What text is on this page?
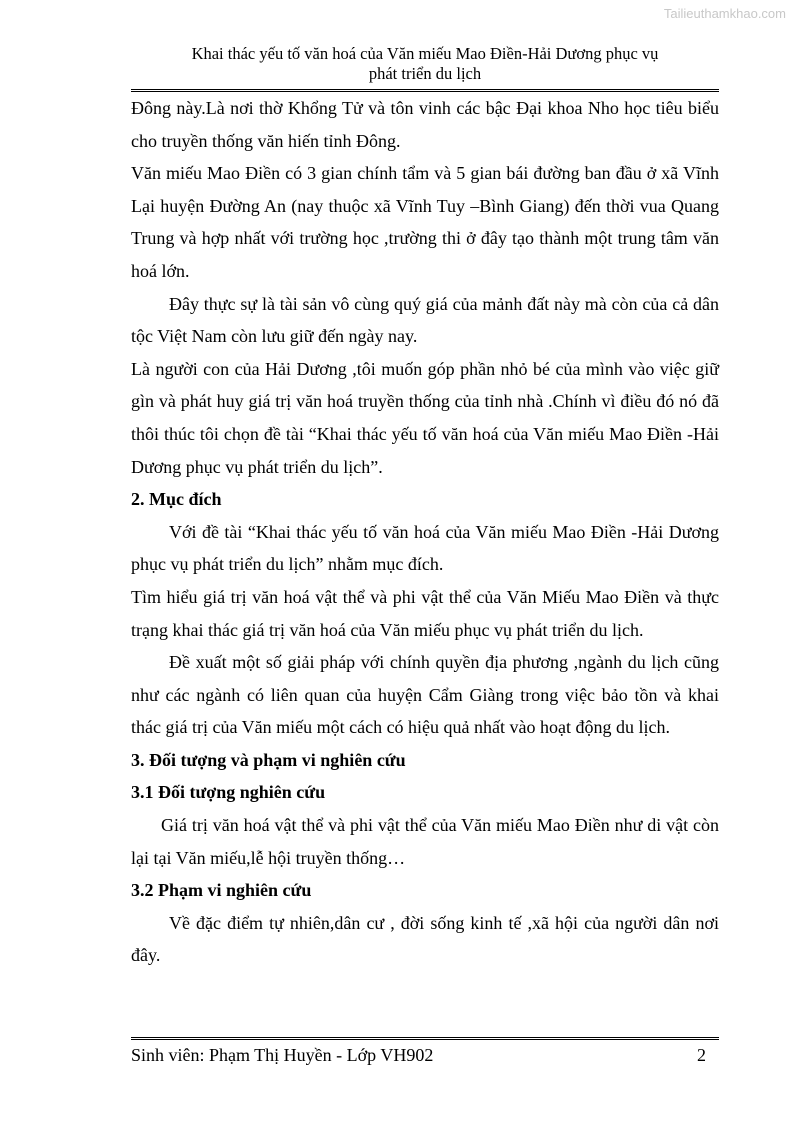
Tailieuthamkhao.com
Khai thác yếu tố văn hoá của Văn miếu Mao Điền-Hải Dương phục vụ
phát triển du lịch

Đông này.Là nơi thờ Khổng Tử và tôn vinh các bậc Đại khoa Nho học tiêu biểu cho truyền thống văn hiến tỉnh Đông.

Văn miếu Mao Điền có 3 gian chính tẩm và 5 gian bái đường ban đầu ở xã Vĩnh Lại huyện Đường An (nay thuộc xã Vĩnh Tuy –Bình Giang) đến thời vua Quang Trung và hợp nhất với trường học ,trường thi ở đây tạo thành một trung tâm văn hoá lớn.

Đây thực sự là tài sản vô cùng quý giá của mảnh đất này mà còn của cả dân tộc Việt Nam còn lưu giữ đến ngày nay.

Là người con của Hải Dương ,tôi muốn góp phần nhỏ bé của mình vào việc giữ gìn và phát huy giá trị văn hoá truyền thống của tỉnh nhà .Chính vì điều đó nó đã thôi thúc tôi chọn đề tài “Khai thác yếu tố văn hoá của Văn miếu Mao Điền -Hải Dương phục vụ phát triển du lịch”.

2. Mục đích

Với đề tài “Khai thác yếu tố văn hoá của Văn miếu Mao Điền -Hải Dương phục vụ phát triển du lịch” nhằm mục đích.

Tìm hiểu giá trị văn hoá vật thể và phi vật thể của Văn Miếu Mao Điền và thực trạng khai thác giá trị văn hoá của Văn miếu phục vụ phát triển du lịch.

Đề xuất một số giải pháp với chính quyền địa phương ,ngành du lịch cũng như các ngành có liên quan của huyện Cẩm Giàng trong việc bảo tồn và khai thác giá trị của Văn miếu một cách có hiệu quả nhất vào hoạt động du lịch.

3. Đối tượng và phạm vi nghiên cứu
3.1 Đối tượng nghiên cứu

Giá trị văn hoá vật thể và phi vật thể của Văn miếu Mao Điền như di vật còn lại tại Văn miếu,lễ hội truyền thống…

3.2 Phạm vi nghiên cứu

Về đặc điểm tự nhiên,dân cư , đời sống kinh tế ,xã hội của người dân nơi đây.

Sinh viên: Phạm Thị Huyền - Lớp VH902	2
